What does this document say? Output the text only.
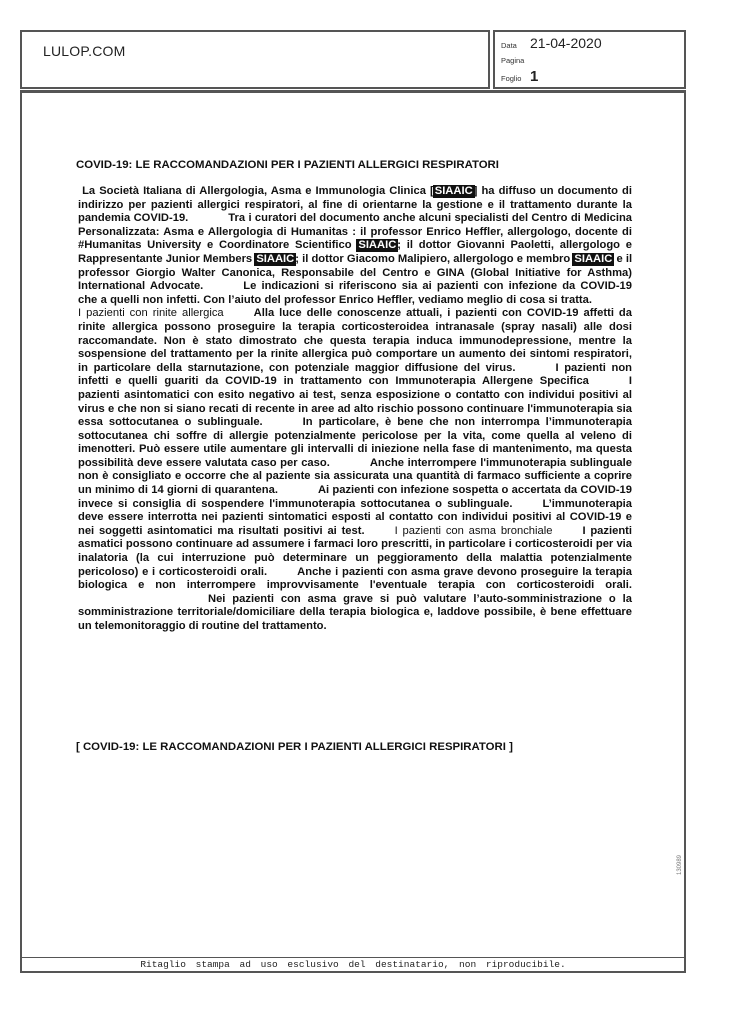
LULOP.COM	Data 21-04-2020
Pagina
Foglio 1
COVID-19: LE RACCOMANDAZIONI PER I PAZIENTI ALLERGICI RESPIRATORI
La Società Italiana di Allergologia, Asma e Immunologia Clinica [SIAAIC] ha diffuso un documento di indirizzo per pazienti allergici respiratori, al fine di orientarne la gestione e il trattamento durante la pandemia COVID-19.	Tra i curatori del documento anche alcuni specialisti del Centro di Medicina Personalizzata: Asma e Allergologia di Humanitas : il professor Enrico Heffler, allergologo, docente di #Humanitas University e Coordinatore Scientifico SIAAIC; il dottor Giovanni Paoletti, allergologo e Rappresentante Junior Members SIAAIC; il dottor Giacomo Malipiero, allergologo e membro SIAAIC e il professor Giorgio Walter Canonica, Responsabile del Centro e GINA (Global Initiative for Asthma) International Advocate.	Le indicazioni si riferiscono sia ai pazienti con infezione da COVID-19 che a quelli non infetti. Con l’aiuto del professor Enrico Heffler, vediamo meglio di cosa si tratta.I pazienti con rinite allergica	Alla luce delle conoscenze attuali, i pazienti con COVID-19 affetti da rinite allergica possono proseguire la terapia corticosteroidea intranasale (spray nasali) alle dosi raccomandate. Non è stato dimostrato che questa terapia induca immunodepressione, mentre la sospensione del trattamento per la rinite allergica può comportare un aumento dei sintomi respiratori, in particolare della starnutazione, con potenziale maggior diffusione del virus.	I pazienti non infetti e quelli guariti da COVID-19 in trattamento con Immunoterapia Allergene Specifica	I pazienti asintomatici con esito negativo ai test, senza esposizione o contatto con individui positivi al virus e che non si siano recati di recente in aree ad alto rischio possono continuare l'immunoterapia sia essa sottocutanea o sublinguale.	In particolare, è bene che non interrompa l’immunoterapia sottocutanea chi soffre di allergie potenzialmente pericolose per la vita, come quella al veleno di imenotteri. Può essere utile aumentare gli intervalli di iniezione nella fase di mantenimento, ma questa possibilità deve essere valutata caso per caso.	Anche interrompere l'immunoterapia sublinguale non è consigliato e occorre che al paziente sia assicurata una quantità di farmaco sufficiente a coprire un minimo di 14 giorni di quarantena.	Ai pazienti con infezione sospetta o accertata da COVID-19 invece si consiglia di sospendere l'immunoterapia sottocutanea o sublinguale.	L’immunoterapia deve essere interrotta nei pazienti sintomatici esposti al contatto con individui positivi al COVID-19 e nei soggetti asintomatici ma risultati positivi ai test.	I pazienti con asma bronchiale	I pazienti asmatici possono continuare ad assumere i farmaci loro prescritti, in particolare i corticosteroidi per via inalatoria (la cui interruzione può determinare un peggioramento della malattia potenzialmente pericoloso) e i corticosteroidi orali.	Anche i pazienti con asma grave devono proseguire la terapia biologica e non interrompere improvvisamente l'eventuale terapia con corticosteroidi orali.Nei pazienti con asma grave si può valutare l’auto-somministrazione o la somministrazione territoriale/domiciliare della terapia biologica e, laddove possibile, è bene effettuare un telemonitoraggio di routine del trattamento.
[ COVID-19: LE RACCOMANDAZIONI PER I PAZIENTI ALLERGICI RESPIRATORI ]
Ritaglio stampa ad uso esclusivo del destinatario, non riproducibile.
130989
